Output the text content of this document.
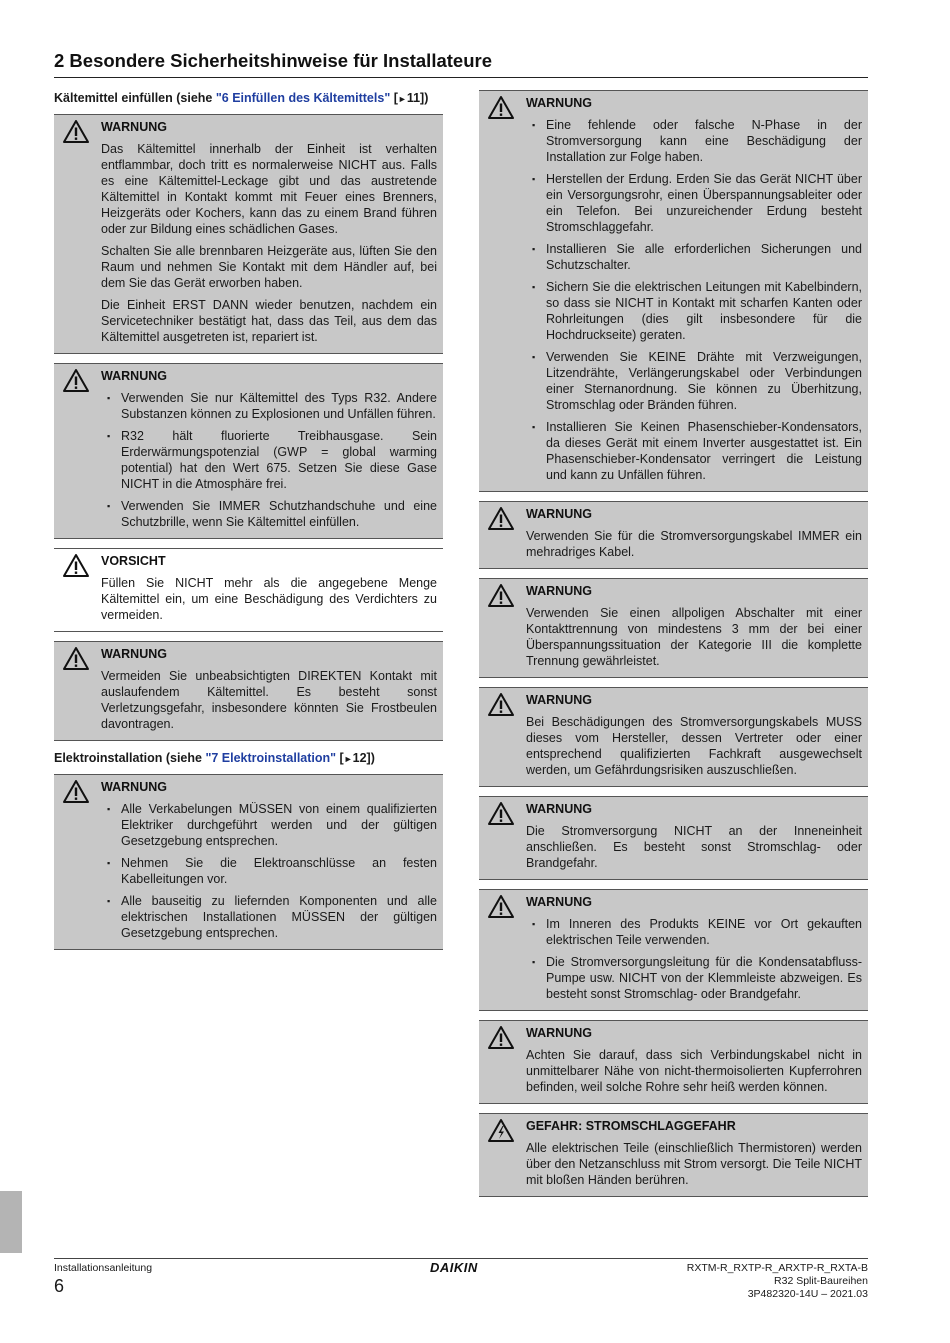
2 Besondere Sicherheitshinweise für Installateure
Kältemittel einfüllen (siehe "6 Einfüllen des Kältemittels" [►11])
WARNUNG

Das Kältemittel innerhalb der Einheit ist verhalten entflammbar, doch tritt es normalerweise NICHT aus. Falls es eine Kältemittel-Leckage gibt und das austretende Kältemittel in Kontakt kommt mit Feuer eines Brenners, Heizgeräts oder Kochers, kann das zu einem Brand führen oder zur Bildung eines schädlichen Gases.

Schalten Sie alle brennbaren Heizgeräte aus, lüften Sie den Raum und nehmen Sie Kontakt mit dem Händler auf, bei dem Sie das Gerät erworben haben.

Die Einheit ERST DANN wieder benutzen, nachdem ein Servicetechniker bestätigt hat, dass das Teil, aus dem das Kältemittel ausgetreten ist, repariert ist.

WARNUNG
▪ Verwenden Sie nur Kältemittel des Typs R32. Andere Substanzen können zu Explosionen und Unfällen führen.
▪ R32 hält fluorierte Treibhausgase. Sein Erderwärmungspotenzial (GWP = global warming potential) hat den Wert 675. Setzen Sie diese Gase NICHT in die Atmosphäre frei.
▪ Verwenden Sie IMMER Schutzhandschuhe und eine Schutzbrille, wenn Sie Kältemittel einfüllen.
VORSICHT

Füllen Sie NICHT mehr als die angegebene Menge Kältemittel ein, um eine Beschädigung des Verdichters zu vermeiden.

WARNUNG

Vermeiden Sie unbeabsichtigten DIREKTEN Kontakt mit auslaufendem Kältemittel. Es besteht sonst Verletzungsgefahr, insbesondere könnten Sie Frostbeulen davontragen.

Elektroinstallation (siehe "7 Elektroinstallation" [►12])
WARNUNG
▪ Alle Verkabelungen MÜSSEN von einem qualifizierten Elektriker durchgeführt werden und der gültigen Gesetzgebung entsprechen.
▪ Nehmen Sie die Elektroanschlüsse an festen Kabelleitungen vor.
▪ Alle bauseitig zu liefernden Komponenten und alle elektrischen Installationen MÜSSEN der gültigen Gesetzgebung entsprechen.
WARNUNG
▪ Eine fehlende oder falsche N-Phase in der Stromversorgung kann eine Beschädigung der Installation zur Folge haben.
▪ Herstellen der Erdung. Erden Sie das Gerät NICHT über ein Versorgungsrohr, einen Überspannungsableiter oder ein Telefon. Bei unzureichender Erdung besteht Stromschlaggefahr.
▪ Installieren Sie alle erforderlichen Sicherungen und Schutzschalter.
▪ Sichern Sie die elektrischen Leitungen mit Kabelbindern, so dass sie NICHT in Kontakt mit scharfen Kanten oder Rohrleitungen (dies gilt insbesondere für die Hochdruckseite) geraten.
▪ Verwenden Sie KEINE Drähte mit Verzweigungen, Litzendrähte, Verlängerungskabel oder Verbindungen einer Sternanordnung. Sie können zu Überhitzung, Stromschlag oder Bränden führen.
▪ Installieren Sie Keinen Phasenschieber-Kondensators, da dieses Gerät mit einem Inverter ausgestattet ist. Ein Phasenschieber-Kondensator verringert die Leistung und kann zu Unfällen führen.
WARNUNG

Verwenden Sie für die Stromversorgungskabel IMMER ein mehradriges Kabel.

WARNUNG

Verwenden Sie einen allpoligen Abschalter mit einer Kontakttrennung von mindestens 3 mm der bei einer Überspannungssituation der Kategorie III die komplette Trennung gewährleistet.

WARNUNG

Bei Beschädigungen des Stromversorgungskabels MUSS dieses vom Hersteller, dessen Vertreter oder einer entsprechend qualifizierten Fachkraft ausgewechselt werden, um Gefährdungsrisiken auszuschließen.

WARNUNG

Die Stromversorgung NICHT an der Inneneinheit anschließen. Es besteht sonst Stromschlag- oder Brandgefahr.

WARNUNG
▪ Im Inneren des Produkts KEINE vor Ort gekauften elektrischen Teile verwenden.
▪ Die Stromversorgungsleitung für die Kondensatabfluss-Pumpe usw. NICHT von der Klemmleiste abzweigen. Es besteht sonst Stromschlag- oder Brandgefahr.
WARNUNG

Achten Sie darauf, dass sich Verbindungskabel nicht in unmittelbarer Nähe von nicht-thermoisolierten Kupferrohren befinden, weil solche Rohre sehr heiß werden können.

GEFAHR: STROMSCHLAGGEFAHR

Alle elektrischen Teile (einschließlich Thermistoren) werden über den Netzanschluss mit Strom versorgt. Die Teile NICHT mit bloßen Händen berühren.

Installationsanleitung
6
DAIKIN	RXTM-R_RXTP-R_ARXTP-R_RXTA-B
R32 Split-Baureihen
3P482320-14U – 2021.03
